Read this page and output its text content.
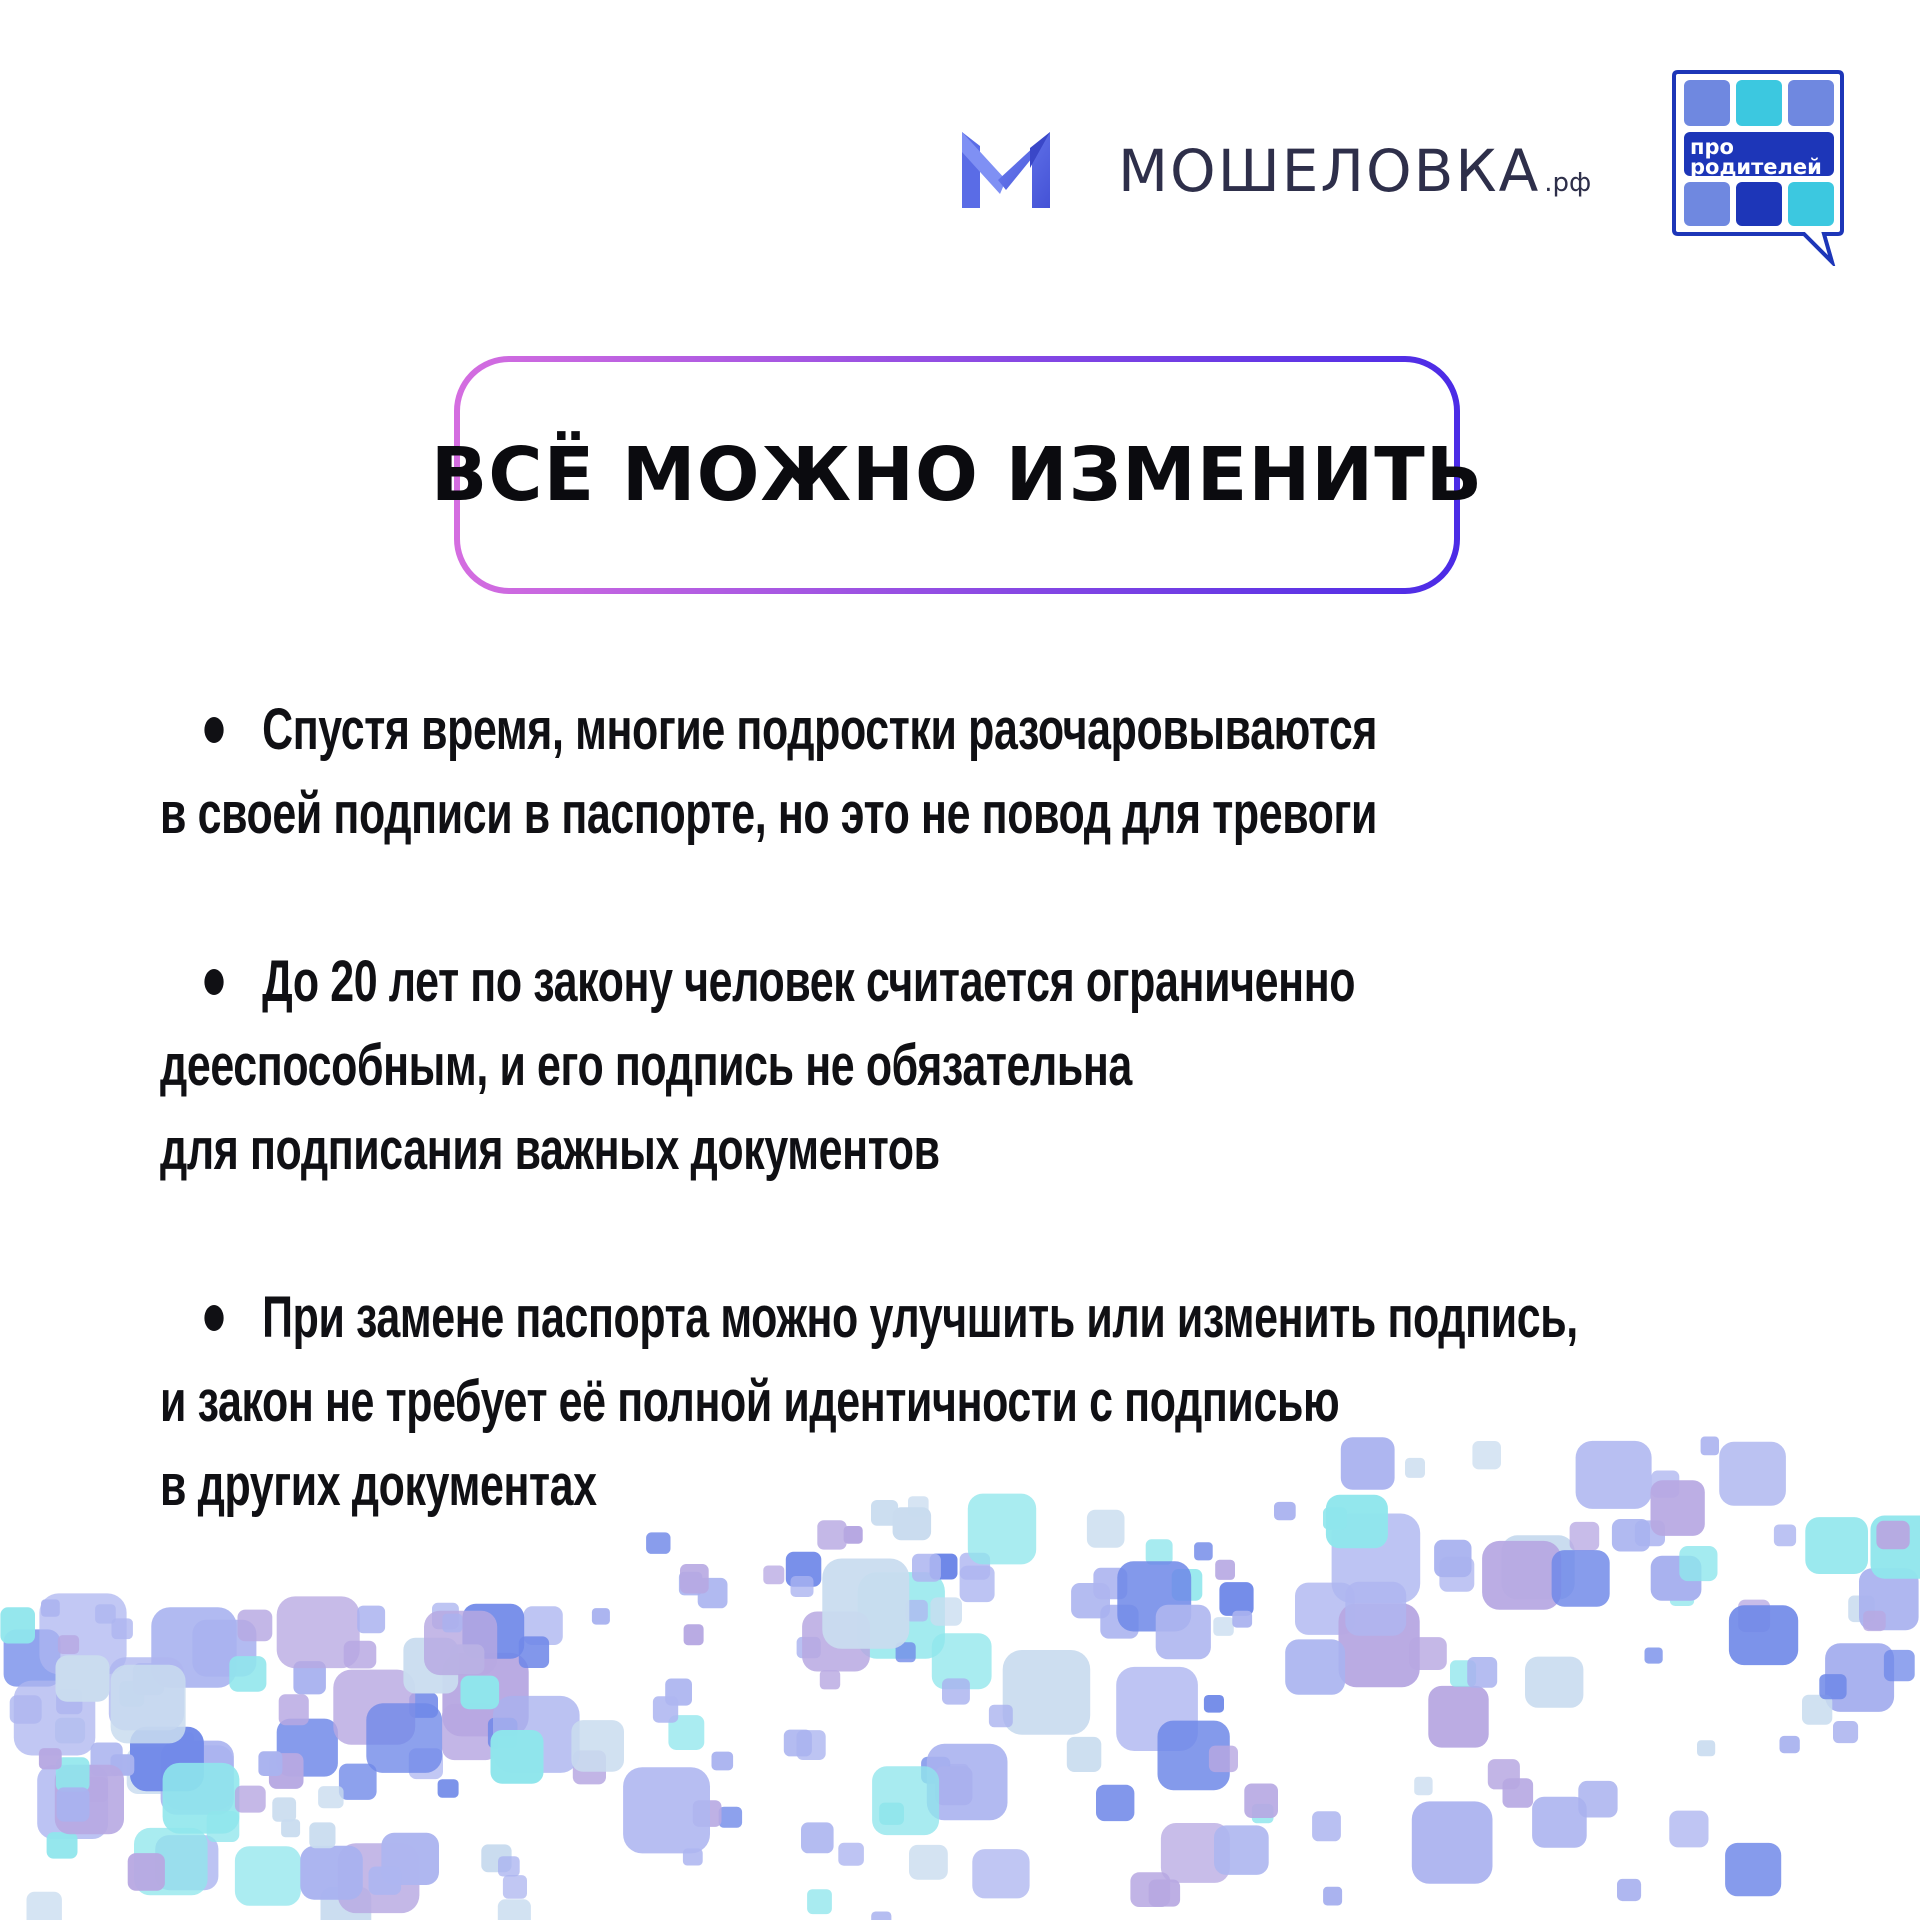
МОШЕЛОВКА .рф
про
родителей
ВСЁ МОЖНО ИЗМЕНИТЬ
Спустя время, многие подростки разочаровываются
в своей подписи в паспорте, но это не повод для тревоги
До 20 лет по закону человек считается ограниченно
дееспособным, и его подпись не обязательна
для подписания важных документов
При замене паспорта можно улучшить или изменить подпись,
и закон не требует её полной идентичности с подписью
в других документах
